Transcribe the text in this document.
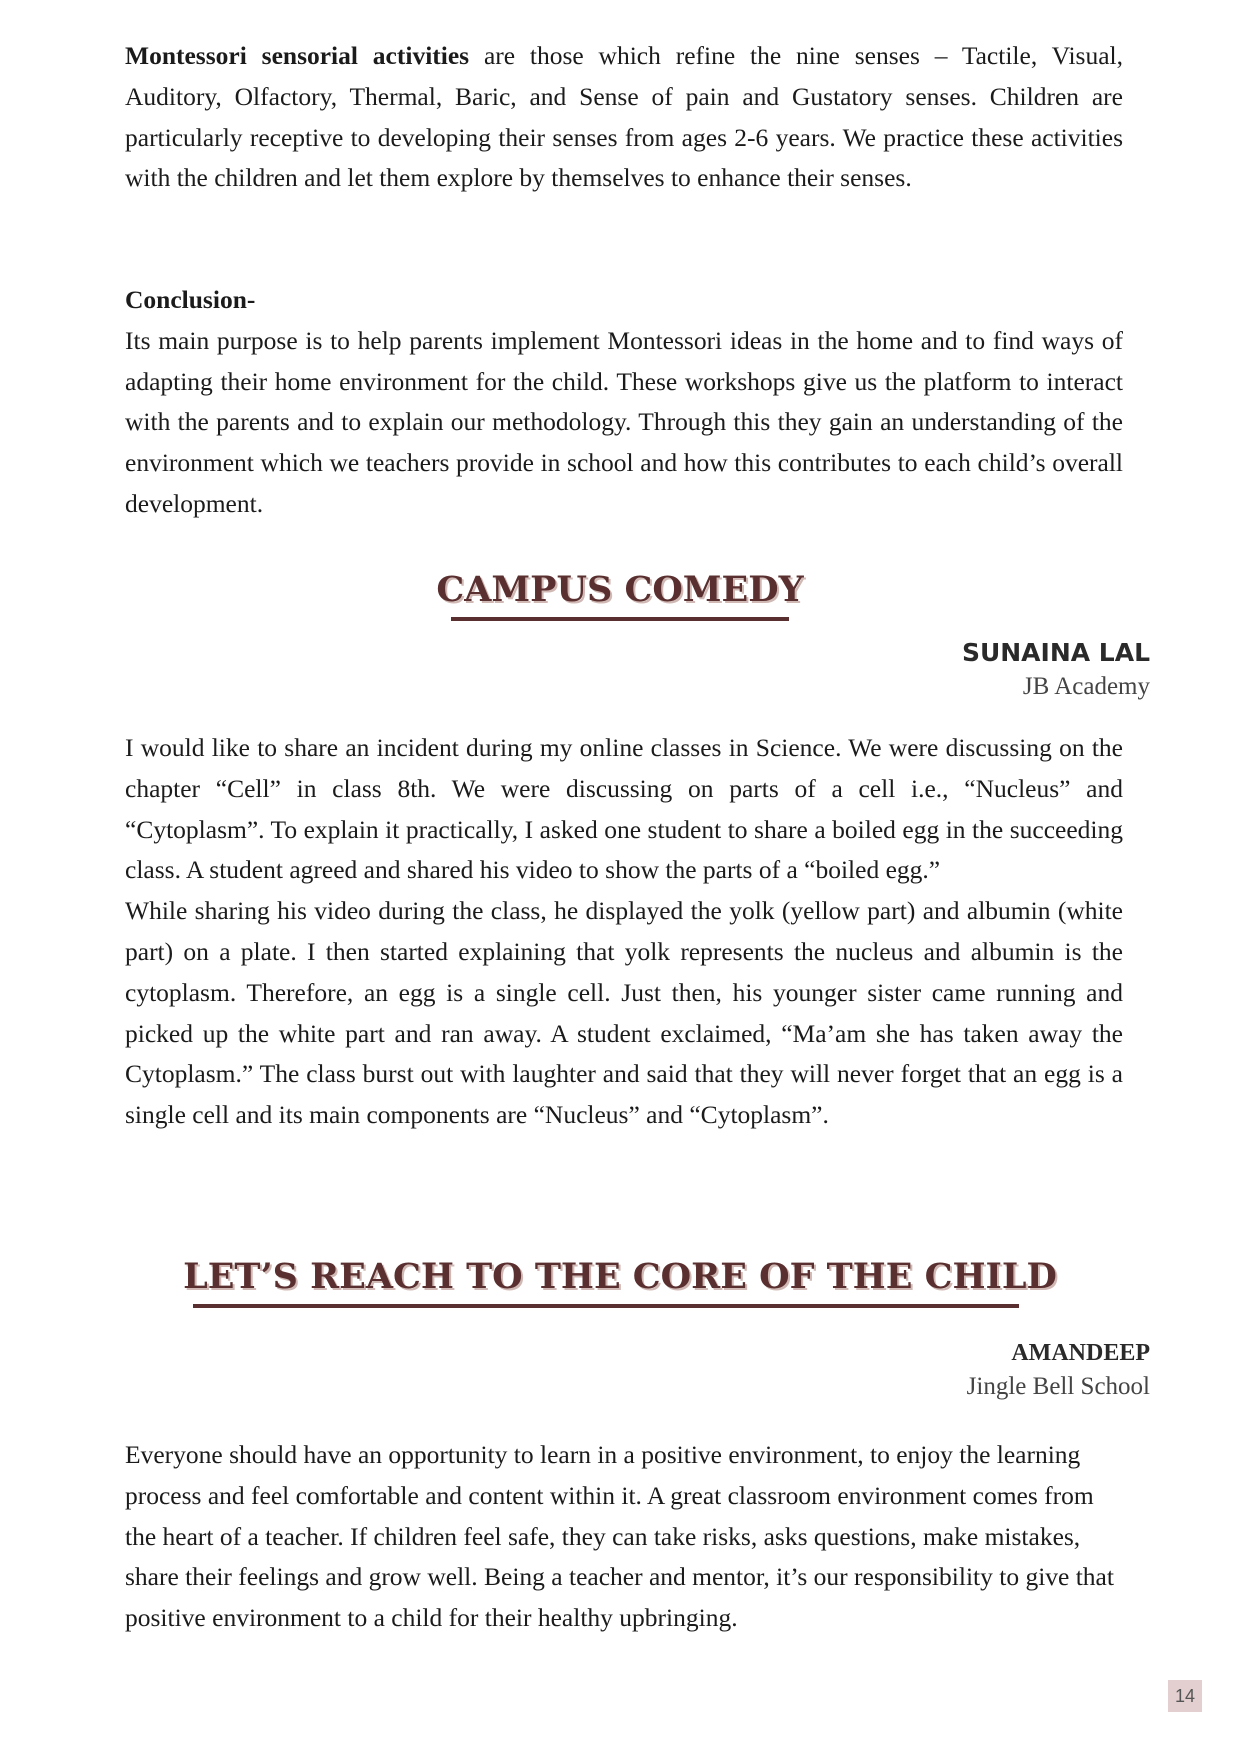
Montessori sensorial activities are those which refine the nine senses – Tactile, Visual, Auditory, Olfactory, Thermal, Baric, and Sense of pain and Gustatory senses. Children are particularly receptive to developing their senses from ages 2-6 years. We practice these activities with the children and let them explore by themselves to enhance their senses.

Conclusion-

Its main purpose is to help parents implement Montessori ideas in the home and to find ways of adapting their home environment for the child. These workshops give us the platform to interact with the parents and to explain our methodology. Through this they gain an understanding of the environment which we teachers provide in school and how this contributes to each child’s overall development.

CAMPUS COMEDY
SUNAINA LAL
JB Academy

I would like to share an incident during my online classes in Science. We were discussing on the chapter “Cell” in class 8th. We were discussing on parts of a cell i.e., “Nucleus” and “Cytoplasm”. To explain it practically, I asked one student to share a boiled egg in the succeeding class. A student agreed and shared his video to show the parts of a “boiled egg.”

While sharing his video during the class, he displayed the yolk (yellow part) and albumin (white part) on a plate. I then started explaining that yolk represents the nucleus and albumin is the cytoplasm. Therefore, an egg is a single cell. Just then, his younger sister came running and picked up the white part and ran away. A student exclaimed, “Ma’am she has taken away the Cytoplasm.” The class burst out with laughter and said that they will never forget that an egg is a single cell and its main components are “Nucleus” and “Cytoplasm”.

LET’S REACH TO THE CORE OF THE CHILD
AMANDEEP
Jingle Bell School

Everyone should have an opportunity to learn in a positive environment, to enjoy the learning process and feel comfortable and content within it. A great classroom environment comes from the heart of a teacher. If children feel safe, they can take risks, asks questions, make mistakes, share their feelings and grow well. Being a teacher and mentor, it’s our responsibility to give that positive environment to a child for their healthy upbringing.

14
